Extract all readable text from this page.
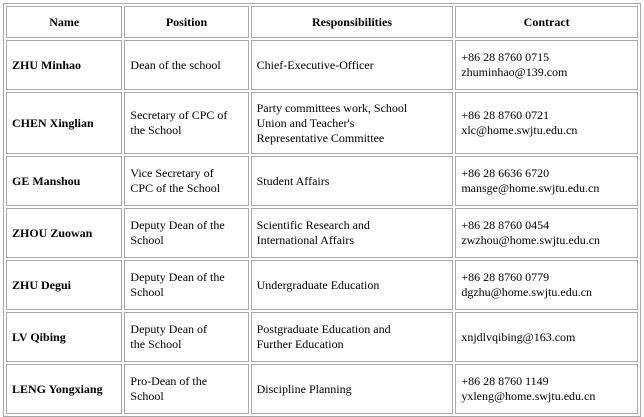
Name	Position	Responsibilities	Contract
ZHU Minhao	Dean of the school	Chief-Executive-Officer	+86 28 8760 0715
zhuminhao@139.com

CHEN Xinglian	Secretary of CPC of
the School	Party committees work, School
Union and Teacher's
Representative Committee	+86 28 8760 0721
xlc@home.swjtu.edu.cn

GE Manshou	Vice Secretary of
CPC of the School	Student Affairs	+86 28 6636 6720
mansge@home.swjtu.edu.cn

ZHOU Zuowan	Deputy Dean of the
School	Scientific Research and
International Affairs	+86 28 8760 0454
zwzhou@home.swjtu.edu.cn

ZHU Degui	Deputy Dean of the
School	Undergraduate Education	+86 28 8760 0779
dgzhu@home.swjtu.edu.cn

LV Qibing	Deputy Dean of
the School	Postgraduate Education and
Further Education	xnjdlvqibing@163.com

LENG Yongxiang	Pro-Dean of the
School	Discipline Planning	+86 28 8760 1149
yxleng@home.swjtu.edu.cn
